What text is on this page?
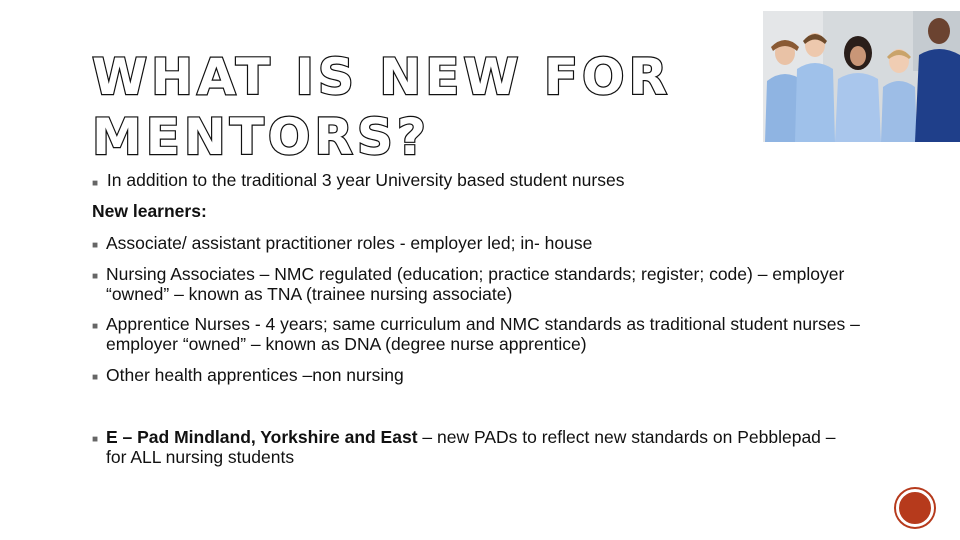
WHAT IS NEW FOR
MENTORS?
■ In addition to the traditional 3 year University based student nurses
New learners:
■ Associate/ assistant practitioner roles - employer led; in- house
■ Nursing Associates – NMC regulated (education; practice standards; register; code) – employer “owned” – known as TNA (trainee nursing associate)
■ Apprentice Nurses - 4 years; same curriculum and NMC standards as traditional student nurses – employer “owned” – known as DNA (degree nurse apprentice)
■ Other health apprentices –non nursing
■ E – Pad Mindland, Yorkshire and East – new PADs to reflect new standards on Pebblepad – for ALL nursing students
